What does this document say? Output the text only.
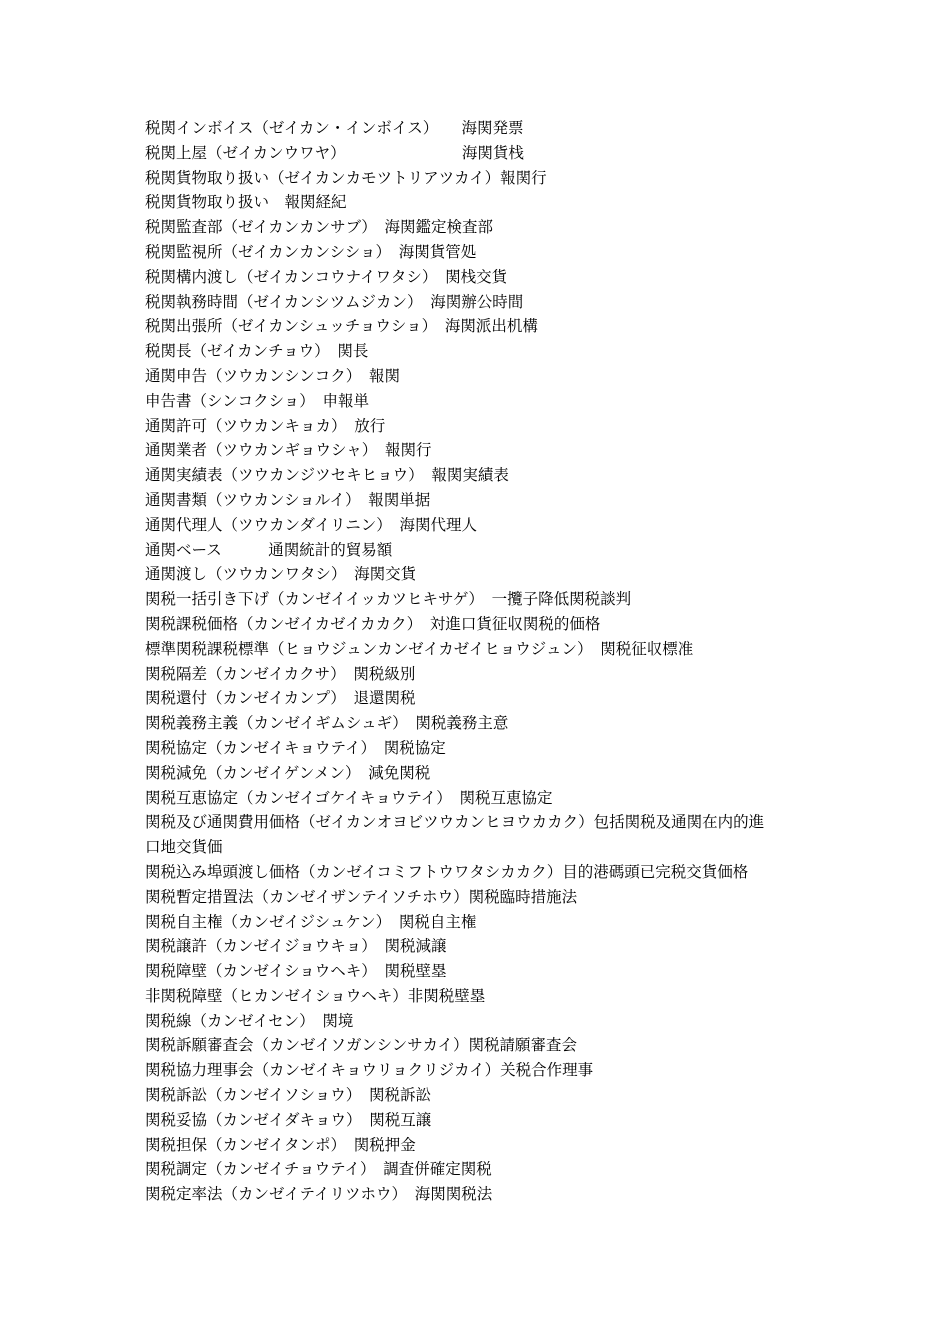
税関インボイス（ゼイカン・インボイス）　　海関発票
税関上屋（ゼイカンウワヤ）　　　　　　　　海関貨栈
税関貨物取り扱い（ゼイカンカモツトリアツカイ）報関行
税関貨物取り扱い　報関経紀
税関監査部（ゼイカンカンサブ）　海関鑑定検査部
税関監視所（ゼイカンカンシショ）　海関貨管処
税関構内渡し（ゼイカンコウナイワタシ）　関栈交貨
税関執務時間（ゼイカンシツムジカン）　海関辦公時間
税関出張所（ゼイカンシュッチョウショ）　海関派出机構
税関長（ゼイカンチョウ）　関長
通関申告（ツウカンシンコク）　報関
申告書（シンコクショ）　申報単
通関許可（ツウカンキョカ）　放行
通関業者（ツウカンギョウシャ）　報関行
通関実績表（ツウカンジツセキヒョウ）　報関実績表
通関書類（ツウカンショルイ）　報関単据
通関代理人（ツウカンダイリニン）　海関代理人
通関ベース　　　通関統計的貿易額
通関渡し（ツウカンワタシ）　海関交貨
関税一括引き下げ（カンゼイイッカツヒキサゲ）　一攬子降低関税談判
関税課税価格（カンゼイカゼイカカク）　対進口貨征収関税的価格
標準関税課税標準（ヒョウジュンカンゼイカゼイヒョウジュン）　関税征収標准
関税隔差（カンゼイカクサ）　関税級別
関税還付（カンゼイカンプ）　退還関税
関税義務主義（カンゼイギムシュギ）　関税義務主意
関税協定（カンゼイキョウテイ）　関税協定
関税減免（カンゼイゲンメン）　減免関税
関税互恵協定（カンゼイゴケイキョウテイ）　関税互恵協定
関税及び通関費用価格（ゼイカンオヨビツウカンヒヨウカカク）包括関税及通関在内的進
口地交貨価
関税込み埠頭渡し価格（カンゼイコミフトウワタシカカク）目的港碼頭已完税交貨価格
関税暫定措置法（カンゼイザンテイソチホウ）関税臨時措施法
関税自主権（カンゼイジシュケン）　関税自主権
関税譲許（カンゼイジョウキョ）　関税減譲
関税障壁（カンゼイショウヘキ）　関税壁塁
非関税障壁（ヒカンゼイショウヘキ）非関税壁塁
関税線（カンゼイセン）　関境
関税訴願審査会（カンゼイソガンシンサカイ）関税請願審査会
関税協力理事会（カンゼイキョウリョクリジカイ）关税合作理事
関税訴訟（カンゼイソショウ）　関税訴訟
関税妥協（カンゼイダキョウ）　関税互譲
関税担保（カンゼイタンポ）　関税押金
関税調定（カンゼイチョウテイ）　調査併確定関税
関税定率法（カンゼイテイリツホウ）　海関関税法
